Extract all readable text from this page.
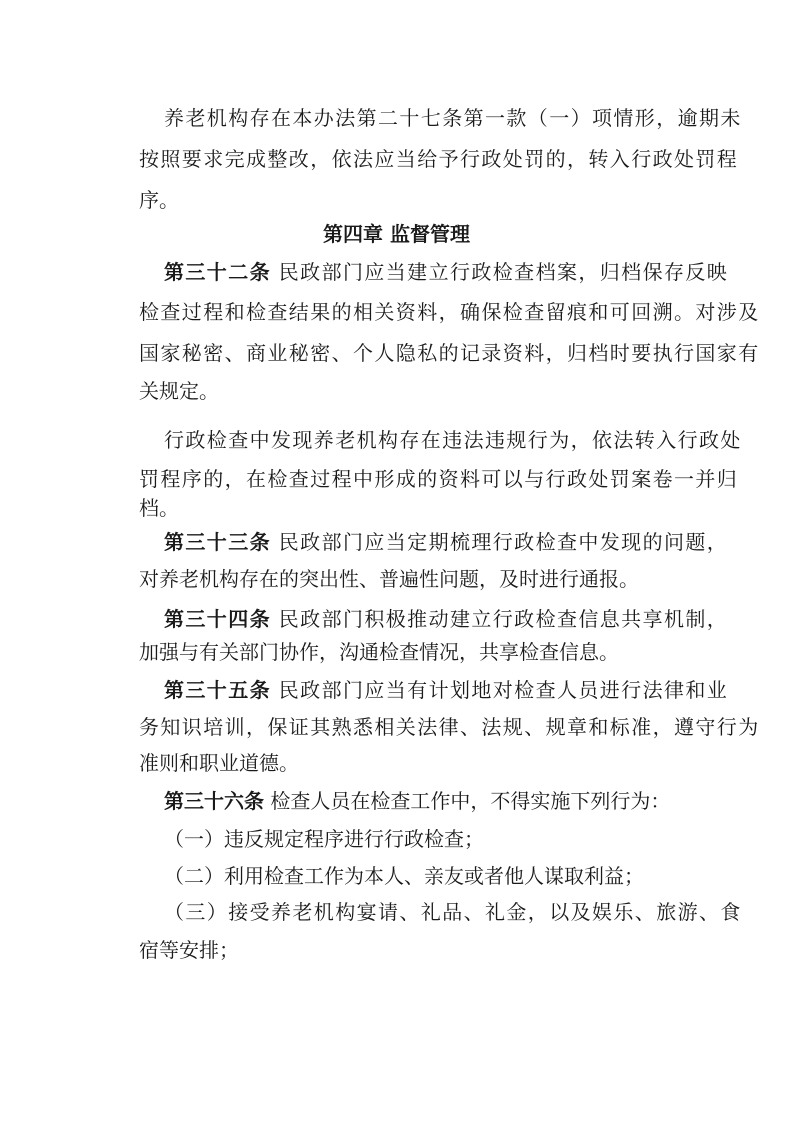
养老机构存在本办法第二十七条第一款（一）项情形，逾期未
按照要求完成整改，依法应当给予行政处罚的，转入行政处罚程
序。
第四章 监督管理
第三十二条 民政部门应当建立行政检查档案，归档保存反映
检查过程和检查结果的相关资料，确保检查留痕和可回溯。对涉及
国家秘密、商业秘密、个人隐私的记录资料，归档时要执行国家有
关规定。
行政检查中发现养老机构存在违法违规行为，依法转入行政处
罚程序的，在检查过程中形成的资料可以与行政处罚案卷一并归
档。
第三十三条 民政部门应当定期梳理行政检查中发现的问题，
对养老机构存在的突出性、普遍性问题，及时进行通报。
第三十四条 民政部门积极推动建立行政检查信息共享机制，
加强与有关部门协作，沟通检查情况，共享检查信息。
第三十五条 民政部门应当有计划地对检查人员进行法律和业
务知识培训，保证其熟悉相关法律、法规、规章和标准，遵守行为
准则和职业道德。
第三十六条 检查人员在检查工作中，不得实施下列行为：
（一）违反规定程序进行行政检查；
（二）利用检查工作为本人、亲友或者他人谋取利益；
（三）接受养老机构宴请、礼品、礼金，以及娱乐、旅游、食
宿等安排；
